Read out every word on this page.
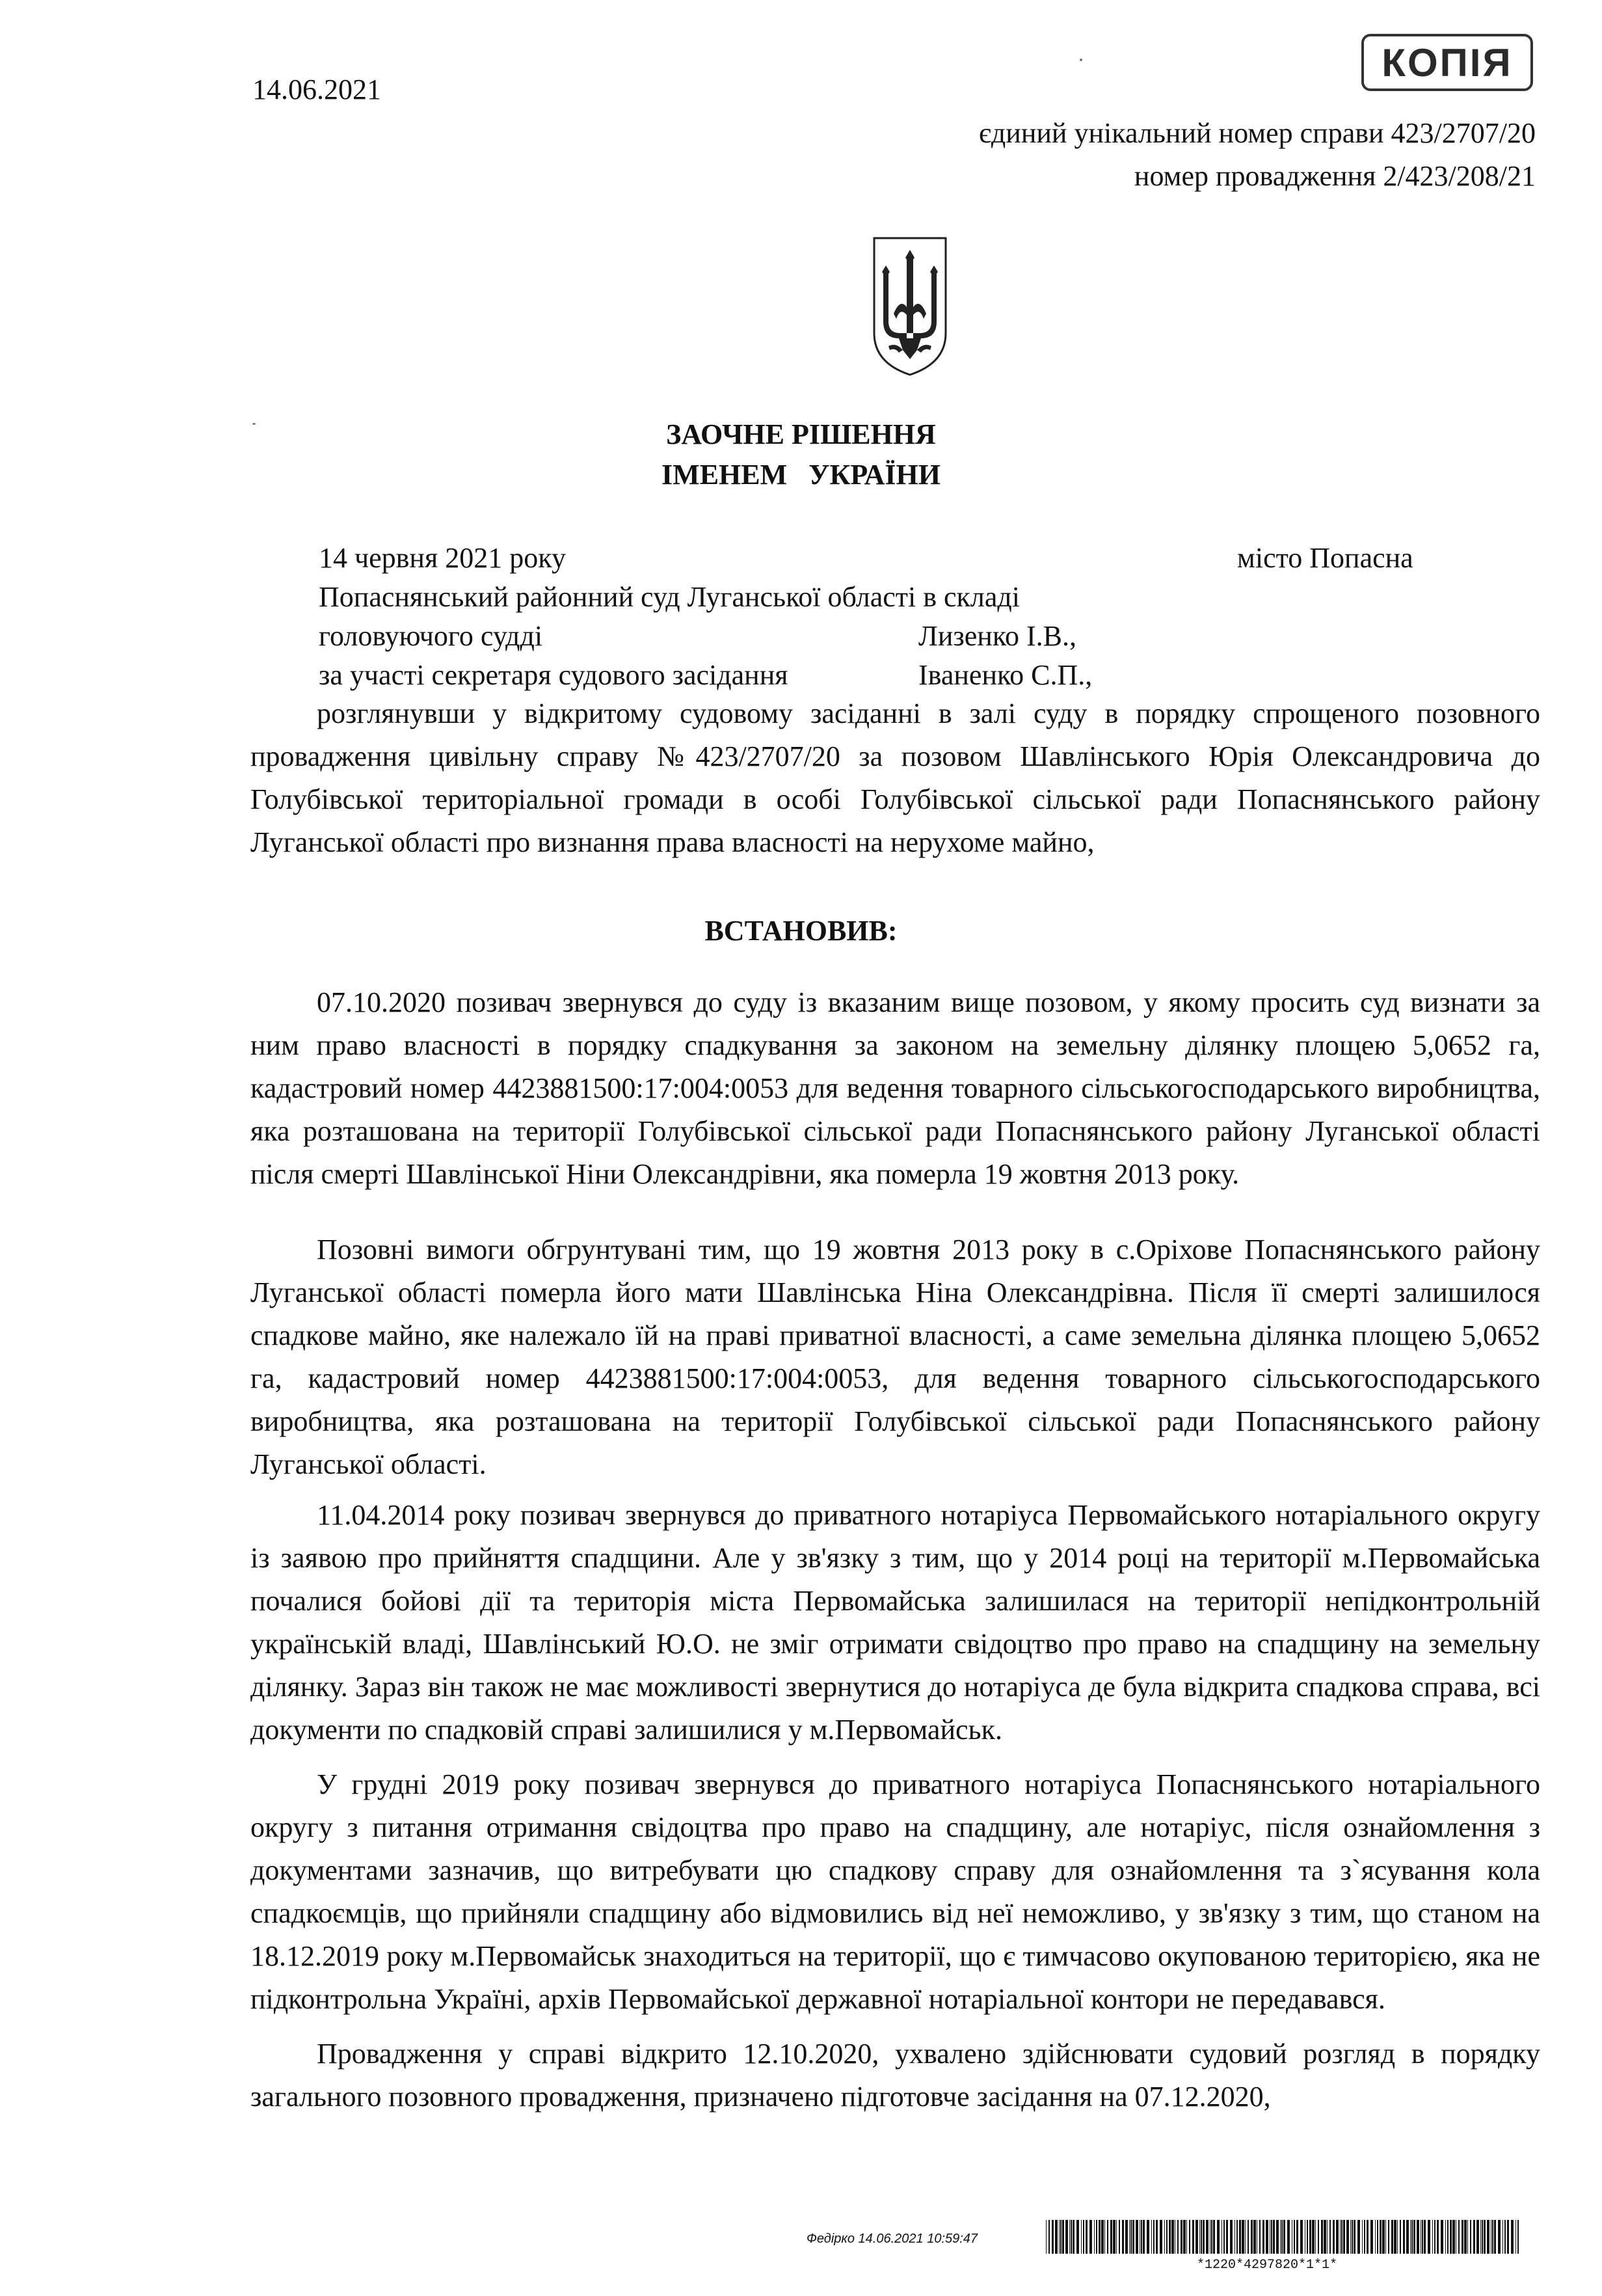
14.06.2021
КОПІЯ
єдиний унікальний номер справи 423/2707/20
номер провадження 2/423/208/21
ЗАОЧНЕ РІШЕННЯ
ІМЕНЕМ   УКРАЇНИ
14 червня 2021 року	місто Попасна
Попаснянський районний суд Луганської області в складі
головуючого судді	Лизенко І.В.,
за участі секретаря судового засідання	Іваненко С.П.,

розглянувши у відкритому судовому засіданні в залі суду в порядку спрощеного позовного провадження цивільну справу №423/2707/20 за позовом Шавлінського Юрія Олександровича до Голубівської територіальної громади в особі Голубівської сільської ради Попаснянського району Луганської області про визнання права власності на нерухоме майно,

ВСТАНОВИВ:

07.10.2020 позивач звернувся до суду із вказаним вище позовом, у якому просить суд визнати за ним право власності в порядку спадкування за законом на земельну ділянку площею 5,0652 га, кадастровий номер 4423881500:17:004:0053 для ведення товарного сільськогосподарського виробництва, яка розташована на території Голубівської сільської ради Попаснянського району Луганської області після смерті Шавлінської Ніни Олександрівни, яка померла 19 жовтня 2013 року.

Позовні вимоги обгрунтувані тим, що 19 жовтня 2013 року в с.Оріхове Попаснянського району Луганської області померла його мати Шавлінська Ніна Олександрівна. Після її смерті залишилося спадкове майно, яке належало їй на праві приватної власності, а саме земельна ділянка площею 5,0652 га, кадастровий номер 4423881500:17:004:0053, для ведення товарного сільськогосподарського виробництва, яка розташована на території Голубівської сільської ради Попаснянського району Луганської області.

11.04.2014 року позивач звернувся до приватного нотаріуса Первомайського нотаріального округу із заявою про прийняття спадщини. Але у зв'язку з тим, що у 2014 році на території м.Первомайська почалися бойові дії та територія міста Первомайська залишилася на території непідконтрольній українській владі, Шавлінський Ю.О. не зміг отримати свідоцтво про право на спадщину на земельну ділянку. Зараз він також не має можливості звернутися до нотаріуса де була відкрита спадкова справа, всі документи по спадковій справі залишилися у м.Первомайськ.

У грудні 2019 року позивач звернувся до приватного нотаріуса Попаснянського нотаріального округу з питання отримання свідоцтва про право на спадщину, але нотаріус, після ознайомлення з документами зазначив, що витребувати цю спадкову справу для ознайомлення та з`ясування кола спадкоємців, що прийняли спадщину або відмовились від неї неможливо, у зв'язку з тим, що станом на 18.12.2019 року м.Первомайськ знаходиться на території, що є тимчасово окупованою територією, яка не підконтрольна Україні, архів Первомайської державної нотаріальної контори не передавався.

Провадження у справі відкрито 12.10.2020, ухвалено здійснювати судовий розгляд в порядку загального позовного провадження, призначено підготовче засідання на 07.12.2020,

Федірко 14.06.2021 10:59:47
*1220*4297820*1*1*
